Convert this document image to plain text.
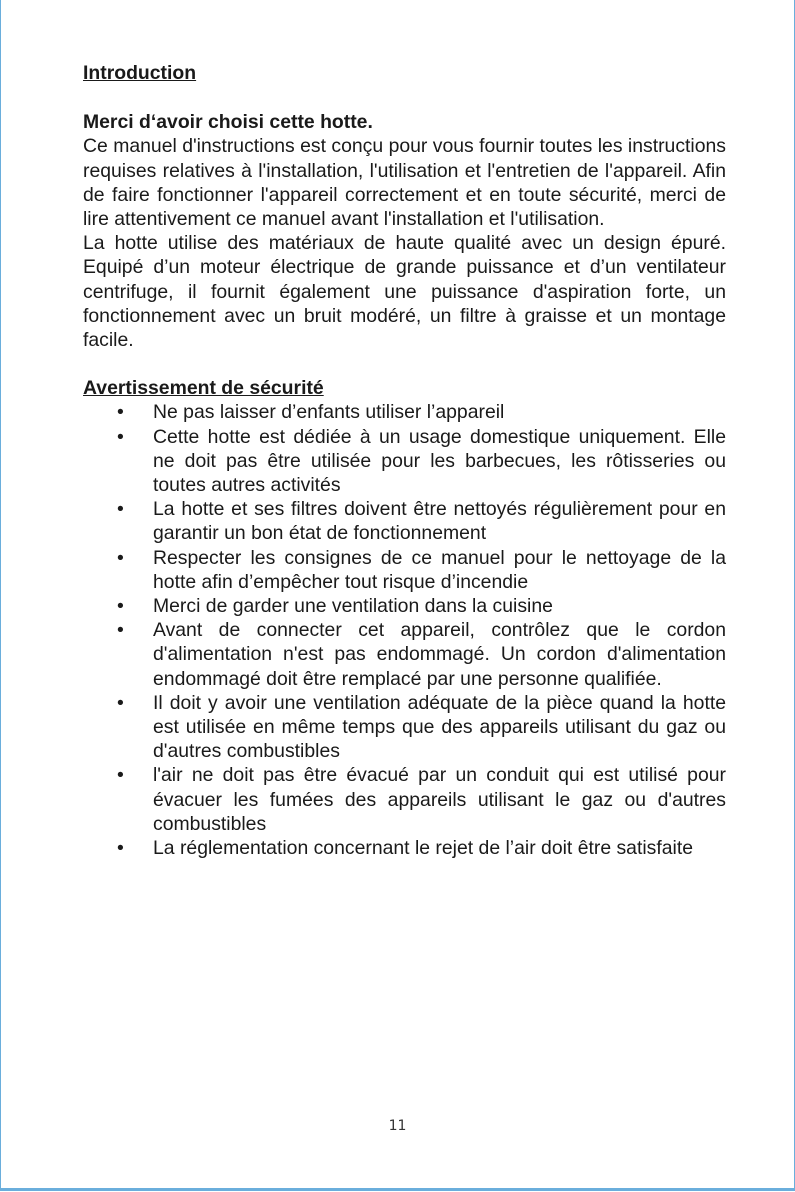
Introduction
Merci d‘avoir choisi cette hotte.

Ce manuel d'instructions est conçu pour vous fournir toutes les instructions requises relatives à l'installation, l'utilisation et l'entretien de l'appareil. Afin de faire fonctionner l'appareil correctement et en toute sécurité, merci de lire attentivement ce manuel avant l'installation et l'utilisation.

La hotte utilise des matériaux de haute qualité avec un design épuré. Equipé d’un moteur électrique de grande puissance et d’un ventilateur centrifuge, il fournit également une puissance d'aspiration forte, un fonctionnement avec un bruit modéré, un filtre à graisse et un montage facile.

Avertissement de sécurité
• Ne pas laisser d’enfants utiliser l’appareil
• Cette hotte est dédiée à un usage domestique uniquement. Elle ne doit pas être utilisée pour les barbecues, les rôtisseries ou toutes autres activités
• La hotte et ses filtres doivent être nettoyés régulièrement pour en garantir un bon état de fonctionnement
• Respecter les consignes de ce manuel pour le nettoyage de la hotte afin d’empêcher tout risque d’incendie
• Merci de garder une ventilation dans la cuisine
• Avant de connecter cet appareil, contrôlez que le cordon d'alimentation n'est pas endommagé. Un cordon d'alimentation endommagé doit être remplacé par une personne qualifiée.
• Il doit y avoir une ventilation adéquate de la pièce quand la hotte est utilisée en même temps que des appareils utilisant du gaz ou d'autres combustibles
• l'air ne doit pas être évacué par un conduit qui est utilisé pour évacuer les fumées des appareils utilisant le gaz ou d'autres combustibles
• La réglementation concernant le rejet de l’air doit être satisfaite
11
